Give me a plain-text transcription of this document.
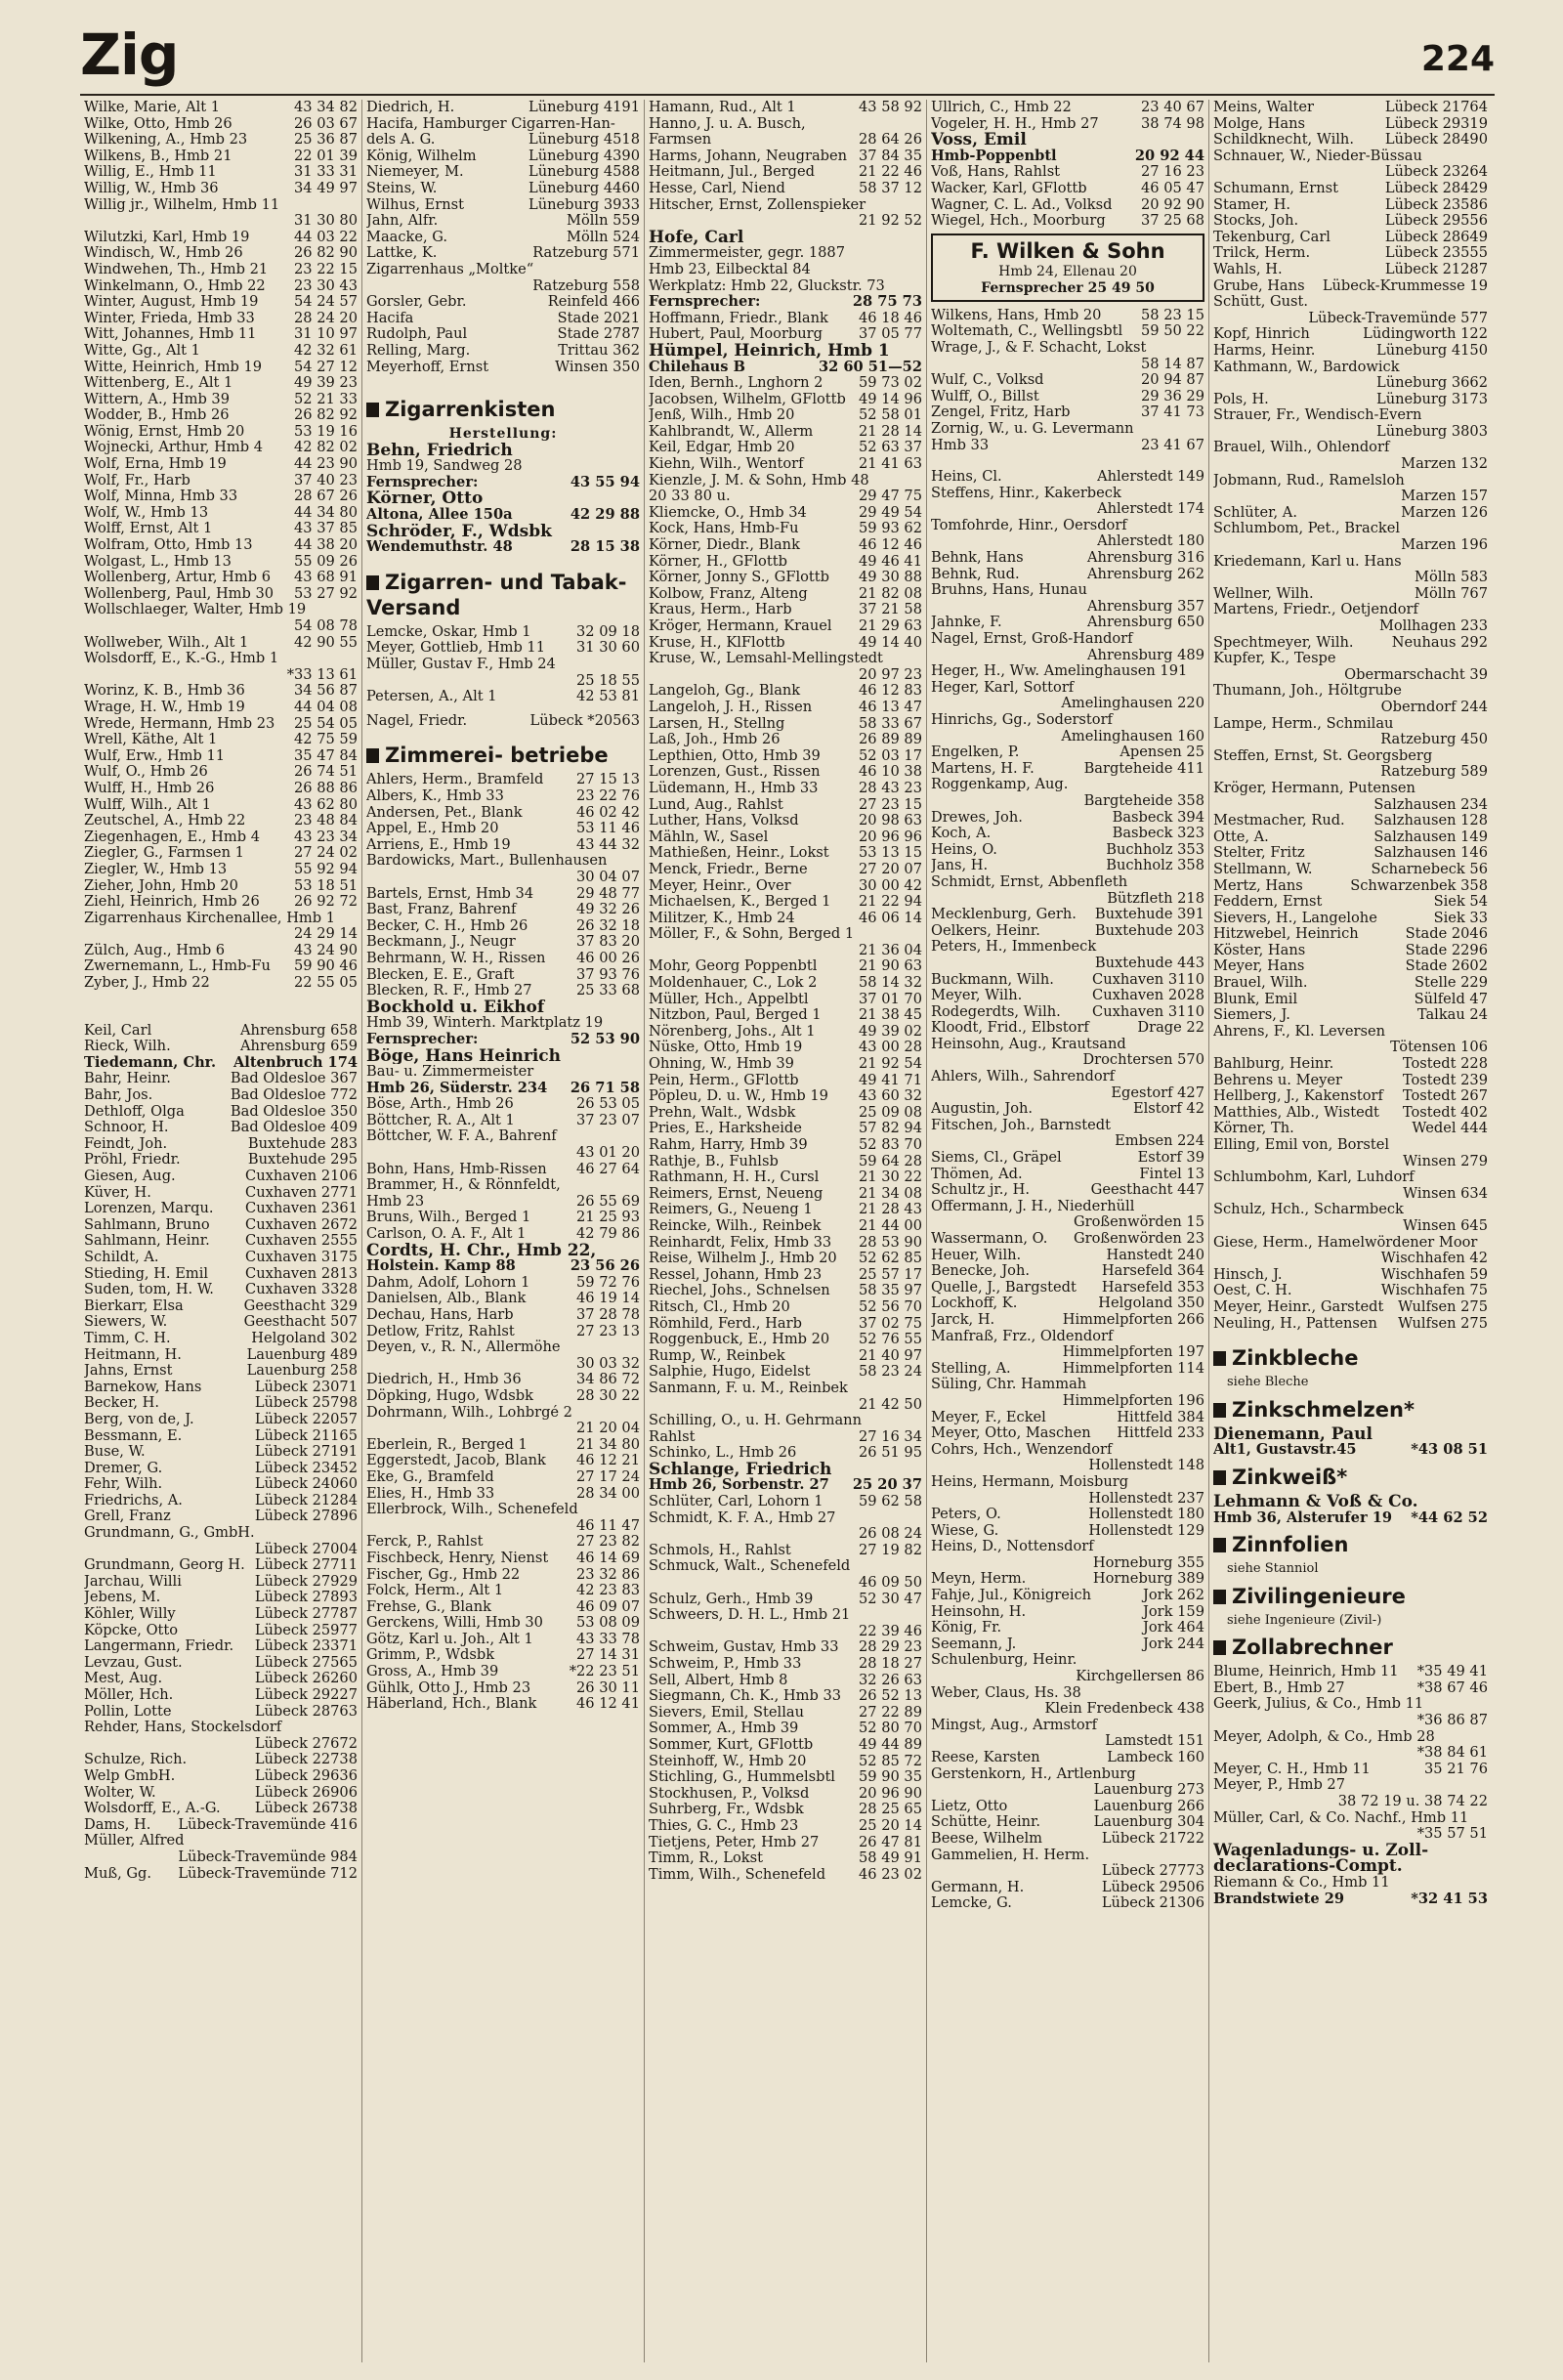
Zig	224
Wilke, Marie, Alt 1	43 34 82
Wilke, Otto, Hmb 26	26 03 67
Wilkening, A., Hmb 23	25 36 87
Wilkens, B., Hmb 21	22 01 39
Willig, E., Hmb 11	31 33 31
Willig, W., Hmb 36	34 49 97
Willig jr., Wilhelm, Hmb 11
31 30 80
Wilutzki, Karl, Hmb 19	44 03 22
Windisch, W., Hmb 26	26 82 90
Windwehen, Th., Hmb 21 23 22 15
Winkelmann, O., Hmb 22 23 30 43
Winter, August, Hmb 19	54 24 57
Winter, Frieda, Hmb 33	28 24 20
Witt, Johannes, Hmb 11	31 10 97
Witte, Gg., Alt 1	42 32 61
Witte, Heinrich, Hmb 19 54 27 12
Wittenberg, E., Alt 1	49 39 23
Wittern, A., Hmb 39	52 21 33
Wodder, B., Hmb 26	26 82 92
Wönig, Ernst, Hmb 20	53 19 16
Wojnecki, Arthur, Hmb 4 42 82 02
Wolf, Erna, Hmb 19	44 23 90
Wolf, Fr., Harb	37 40 23
Wolf, Minna, Hmb 33	28 67 26
Wolf, W., Hmb 13	44 34 80
Wolff, Ernst, Alt 1	43 37 85
Wolfram, Otto, Hmb 13	44 38 20
Wolgast, L., Hmb 13	55 09 26
Wollenberg, Artur, Hmb 6 43 68 91
Wollenberg, Paul, Hmb 30 53 27 92
Wollschlaeger, Walter, Hmb 19
54 08 78
Wollweber, Wilh., Alt 1	42 90 55
Wolsdorff, E., K.-G., Hmb 1
*33 13 61
Worinz, K. B., Hmb 36	34 56 87
Wrage, H. W., Hmb 19	44 04 08
Wrede, Hermann, Hmb 23 25 54 05
Wrell, Käthe, Alt 1	42 75 59
Wulf, Erw., Hmb 11	35 47 84
Wulf, O., Hmb 26	26 74 51
Wulff, H., Hmb 26	26 88 86
Wulff, Wilh., Alt 1	43 62 80
Zeutschel, A., Hmb 22	23 48 84
Ziegenhagen, E., Hmb 4 43 23 34
Ziegler, G., Farmsen 1	27 24 02
Ziegler, W., Hmb 13	55 92 94
Zieher, John, Hmb 20	53 18 51
Ziehl, Heinrich, Hmb 26 26 92 72
Zigarrenhaus Kirchenallee, Hmb 1
24 29 14
Zülch, Aug., Hmb 6	43 24 90
Zwernemann, L., Hmb-Fu 59 90 46
Zyber, J., Hmb 22	22 55 05
Keil, Carl	Ahrensburg 658
Rieck, Wilh.	Ahrensburg 659
Tiedemann, Chr. Altenbruch 174
Bahr, Heinr.	Bad Oldesloe 367
Bahr, Jos.	Bad Oldesloe 772
Dethloff, Olga	Bad Oldesloe 350
Schnoor, H.	Bad Oldesloe 409
Feindt, Joh.	Buxtehude 283
Pröhl, Friedr.	Buxtehude 295
Giesen, Aug.	Cuxhaven 2106
Küver, H.	Cuxhaven 2771
Lorenzen, Marqu. Cuxhaven 2361
Sahlmann, Bruno Cuxhaven 2672
Sahlmann, Heinr. Cuxhaven 2555
Schildt, A.	Cuxhaven 3175
Stieding, H. Emil	Cuxhaven 2813
Suden, tom, H. W. Cuxhaven 3328
Bierkarr, Elsa	Geesthacht 329
Siewers, W.	Geesthacht 507
Timm, C. H.	Helgoland 302
Heitmann, H.	Lauenburg 489
Jahns, Ernst	Lauenburg 258
Barnekow, Hans	Lübeck 23071
Becker, H.	Lübeck 25798
Berg, von de, J.	Lübeck 22057
Bessmann, E.	Lübeck 21165
Buse, W.	Lübeck 27191
Dremer, G.	Lübeck 23452
Fehr, Wilh.	Lübeck 24060
Friedrichs, A.	Lübeck 21284
Grell, Franz	Lübeck 27896
Grundmann, G., GmbH.
Lübeck 27004
Grundmann, Georg H. Lübeck 27711
Jarchau, Willi	Lübeck 27929
Jebens, M.	Lübeck 27893
Köhler, Willy	Lübeck 27787
Köpcke, Otto	Lübeck 25977
Langermann, Friedr. Lübeck 23371
Levzau, Gust.	Lübeck 27565
Mest, Aug.	Lübeck 26260
Möller, Hch.	Lübeck 29227
Pollin, Lotte	Lübeck 28763
Rehder, Hans, Stockelsdorf
Lübeck 27672
Schulze, Rich.	Lübeck 22738
Welp GmbH.	Lübeck 29636
Wolter, W.	Lübeck 26906
Wolsdorff, E., A.-G. Lübeck 26738
Dams, H. Lübeck-Travemünde 416
Müller, Alfred
Lübeck-Travemünde 984
Muß, Gg. Lübeck-Travemünde 712
Diedrich, H.	Lüneburg 4191
Hacifa, Hamburger Cigarren-Han-
dels A. G.	Lüneburg 4518
König, Wilhelm	Lüneburg 4390
Niemeyer, M.	Lüneburg 4588
Steins, W.	Lüneburg 4460
Wilhus, Ernst	Lüneburg 3933
Jahn, Alfr.	Mölln 559
Maacke, G.	Mölln 524
Lattke, K.	Ratzeburg 571
Zigarrenhaus „Moltke“
Ratzeburg 558
Gorsler, Gebr.	Reinfeld 466
Hacifa	Stade 2021
Rudolph, Paul	Stade 2787
Relling, Marg.	Trittau 362
Meyerhoff, Ernst	Winsen 350
Zigarrenkisten
Herstellung:
Behn, Friedrich
Hmb 19, Sandweg 28
Fernsprecher:	43 55 94
Körner, Otto
Altona, Allee 150a	42 29 88
Schröder, F., Wdsbk
Wendemuthstr. 48	28 15 38
Zigarren- und Tabak-Versand
Lemcke, Oskar, Hmb 1	32 09 18
Meyer, Gottlieb, Hmb 11 31 30 60
Müller, Gustav F., Hmb 24
25 18 55
Petersen, A., Alt 1	42 53 81
Nagel, Friedr.	Lübeck *20563
Zimmerei- betriebe
Ahlers, Herm., Bramfeld 27 15 13
Albers, K., Hmb 33	23 22 76
Andersen, Pet., Blank	46 02 42
Appel, E., Hmb 20	53 11 46
Arriens, E., Hmb 19	43 44 32
Bardowicks, Mart., Bullenhausen
30 04 07
Bartels, Ernst, Hmb 34	29 48 77
Bast, Franz, Bahrenf	49 32 26
Becker, C. H., Hmb 26	26 32 18
Beckmann, J., Neugr	37 83 20
Behrmann, W. H., Rissen 46 00 26
Blecken, E. E., Graft	37 93 76
Blecken, R. F., Hmb 27	25 33 68
Bockhold u. Eikhof
Hmb 39, Winterh. Marktplatz 19
Fernsprecher:	52 53 90
Böge, Hans Heinrich
Bau- u. Zimmermeister
Hmb 26, Süderstr. 234 26 71 58
Böse, Arth., Hmb 26	26 53 05
Böttcher, R. A., Alt 1	37 23 07
Böttcher, W. F. A., Bahrenf
43 01 20
Bohn, Hans, Hmb-Rissen 46 27 64
Brammer, H., & Rönnfeldt,
Hmb 23	26 55 69
Bruns, Wilh., Berged 1	21 25 93
Carlson, O. A. F., Alt 1	42 79 86
Cordts, H. Chr., Hmb 22,
Holstein. Kamp 88	23 56 26
Dahm, Adolf, Lohorn 1	59 72 76
Danielsen, Alb., Blank	46 19 14
Dechau, Hans, Harb	37 28 78
Detlow, Fritz, Rahlst	27 23 13
Deyen, v., R. N., Allermöhe
30 03 32
Diedrich, H., Hmb 36	34 86 72
Döpking, Hugo, Wdsbk	28 30 22
Dohrmann, Wilh., Lohbrgé 2
21 20 04
Eberlein, R., Berged 1	21 34 80
Eggerstedt, Jacob, Blank 46 12 21
Eke, G., Bramfeld	27 17 24
Elies, H., Hmb 33	28 34 00
Ellerbrock, Wilh., Schenefeld
46 11 47
Ferck, P., Rahlst	27 23 82
Fischbeck, Henry, Nienst 46 14 69
Fischer, Gg., Hmb 22	23 32 86
Folck, Herm., Alt 1	42 23 83
Frehse, G., Blank	46 09 07
Gerckens, Willi, Hmb 30 53 08 09
Götz, Karl u. Joh., Alt 1	43 33 78
Grimm, P., Wdsbk	27 14 31
Gross, A., Hmb 39	*22 23 51
Gühlk, Otto J., Hmb 23	26 30 11
Häberland, Hch., Blank	46 12 41
Hamann, Rud., Alt 1	43 58 92
Hanno, J. u. A. Busch,
Farmsen	28 64 26
Harms, Johann, Neugraben 37 84 35
Heitmann, Jul., Berged	21 22 46
Hesse, Carl, Niend	58 37 12
Hitscher, Ernst, Zollenspieker
21 92 52
Hofe, Carl
Zimmermeister, gegr. 1887
Hmb 23, Eilbecktal 84
Werkplatz: Hmb 22, Gluckstr. 73
Fernsprecher:	28 75 73
Hoffmann, Friedr., Blank 46 18 46
Hubert, Paul, Moorburg	37 05 77
Hümpel, Heinrich, Hmb 1
Chilehaus B	32 60 51—52
Iden, Bernh., Lnghorn 2	59 73 02
Jacobsen, Wilhelm, GFlottb 49 14 96
Jenß, Wilh., Hmb 20	52 58 01
Kahlbrandt, W., Allerm	21 28 14
Keil, Edgar, Hmb 20	52 63 37
Kiehn, Wilh., Wentorf	21 41 63
Kienzle, J. M. & Sohn, Hmb 48
20 33 80 u.	29 47 75
Kliemcke, O., Hmb 34	29 49 54
Kock, Hans, Hmb-Fu	59 93 62
Körner, Diedr., Blank	46 12 46
Körner, H., GFlottb	49 46 41
Körner, Jonny S., GFlottb 49 30 88
Kolbow, Franz, Alteng	21 82 08
Kraus, Herm., Harb	37 21 58
Kröger, Hermann, Krauel 21 29 63
Kruse, H., KlFlottb	49 14 40
Kruse, W., Lemsahl-Mellingstedt
20 97 23
Langeloh, Gg., Blank	46 12 83
Langeloh, J. H., Rissen	46 13 47
Larsen, H., Stellng	58 33 67
Laß, Joh., Hmb 26	26 89 89
Lepthien, Otto, Hmb 39	52 03 17
Lorenzen, Gust., Rissen	46 10 38
Lüdemann, H., Hmb 33	28 43 23
Lund, Aug., Rahlst	27 23 15
Luther, Hans, Volksd	20 98 63
Mähln, W., Sasel	20 96 96
Mathießen, Heinr., Lokst 53 13 15
Menck, Friedr., Berne	27 20 07
Meyer, Heinr., Over	30 00 42
Michaelsen, K., Berged 1 21 22 94
Militzer, K., Hmb 24	46 06 14
Möller, F., & Sohn, Berged 1
21 36 04
Mohr, Georg Poppenbtl	21 90 63
Moldenhauer, C., Lok 2	58 14 32
Müller, Hch., Appelbtl	37 01 70
Nitzbon, Paul, Berged 1	21 38 45
Nörenberg, Johs., Alt 1	49 39 02
Nüske, Otto, Hmb 19	43 00 28
Ohning, W., Hmb 39	21 92 54
Pein, Herm., GFlottb	49 41 71
Pöpleu, D. u. W., Hmb 19 43 60 32
Prehn, Walt., Wdsbk	25 09 08
Pries, E., Harksheide	57 82 94
Rahm, Harry, Hmb 39	52 83 70
Rathje, B., Fuhlsb	59 64 28
Rathmann, H. H., Cursl	21 30 22
Reimers, Ernst, Neueng	21 34 08
Reimers, G., Neueng 1	21 28 43
Reincke, Wilh., Reinbek	21 44 00
Reinhardt, Felix, Hmb 33 28 53 90
Reise, Wilhelm J., Hmb 20 52 62 85
Ressel, Johann, Hmb 23	25 57 17
Riechel, Johs., Schnelsen 58 35 97
Ritsch, Cl., Hmb 20	52 56 70
Römhild, Ferd., Harb	37 02 75
Roggenbuck, E., Hmb 20 52 76 55
Rump, W., Reinbek	21 40 97
Salphie, Hugo, Eidelst	58 23 24
Sanmann, F. u. M., Reinbek
21 42 50
Schilling, O., u. H. Gehrmann
Rahlst	27 16 34
Schinko, L., Hmb 26	26 51 95
Schlange, Friedrich
Hmb 26, Sorbenstr. 27 25 20 37
Schlüter, Carl, Lohorn 1 59 62 58
Schmidt, K. F. A., Hmb 27
26 08 24
Schmols, H., Rahlst	27 19 82
Schmuck, Walt., Schenefeld
46 09 50
Schulz, Gerh., Hmb 39	52 30 47
Schweers, D. H. L., Hmb 21
22 39 46
Schweim, Gustav, Hmb 33 28 29 23
Schweim, P., Hmb 33	28 18 27
Sell, Albert, Hmb 8	32 26 63
Siegmann, Ch. K., Hmb 33 26 52 13
Sievers, Emil, Stellau	27 22 89
Sommer, A., Hmb 39	52 80 70
Sommer, Kurt, GFlottb	49 44 89
Steinhoff, W., Hmb 20	52 85 72
Stichling, G., Hummelsbtl 59 90 35
Stockhusen, P., Volksd	20 96 90
Suhrberg, Fr., Wdsbk	28 25 65
Thies, G. C., Hmb 23	25 20 14
Tietjens, Peter, Hmb 27	26 47 81
Timm, R., Lokst	58 49 91
Timm, Wilh., Schenefeld 46 23 02
Ullrich, C., Hmb 22	23 40 67
Vogeler, H. H., Hmb 27	38 74 98
Voss, Emil
Hmb-Poppenbtl	20 92 44
Voß, Hans, Rahlst	27 16 23
Wacker, Karl, GFlottb	46 05 47
Wagner, C. L. Ad., Volksd 20 92 90
Wiegel, Hch., Moorburg 37 25 68
F. Wilken & Sohn
Hmb 24, Ellenau 20
Fernsprecher 25 49 50
Wilkens, Hans, Hmb 20	58 23 15
Woltemath, C., Wellingsbtl 59 50 22
Wrage, J., & F. Schacht, Lokst
58 14 87
Wulf, C., Volksd	20 94 87
Wulff, O., Billst	29 36 29
Zengel, Fritz, Harb	37 41 73
Zornig, W., u. G. Levermann
Hmb 33	23 41 67
Heins, Cl.	Ahlerstedt 149
Steffens, Hinr., Kakerbeck
Ahlerstedt 174
Tomfohrde, Hinr., Oersdorf
Ahlerstedt 180
Behnk, Hans	Ahrensburg 316
Behnk, Rud.	Ahrensburg 262
Bruhns, Hans, Hunau
Ahrensburg 357
Jahnke, F.	Ahrensburg 650
Nagel, Ernst, Groß-Handorf
Ahrensburg 489
Heger, H., Ww. Amelinghausen 191
Heger, Karl, Sottorf
Amelinghausen 220
Hinrichs, Gg., Soderstorf
Amelinghausen 160
Engelken, P.	Apensen 25
Martens, H. F.	Bargteheide 411
Roggenkamp, Aug.
Bargteheide 358
Drewes, Joh.	Basbeck 394
Koch, A.	Basbeck 323
Heins, O.	Buchholz 353
Jans, H.	Buchholz 358
Schmidt, Ernst, Abbenfleth
Bützfleth 218
Mecklenburg, Gerh. Buxtehude 391
Oelkers, Heinr.	Buxtehude 203
Peters, H., Immenbeck
Buxtehude 443
Buckmann, Wilh.	Cuxhaven 3110
Meyer, Wilh.	Cuxhaven 2028
Rodegerdts, Wilh. Cuxhaven 3110
Kloodt, Frid., Elbstorf	Drage 22
Heinsohn, Aug., Krautsand
Drochtersen 570
Ahlers, Wilh., Sahrendorf
Egestorf 427
Augustin, Joh.	Elstorf 42
Fitschen, Joh., Barnstedt
Embsen 224
Siems, Cl., Gräpel	Estorf 39
Thömen, Ad.	Fintel 13
Schultz jr., H.	Geesthacht 447
Offermann, J. H., Niederhüll
Großenwörden 15
Wassermann, O. Großenwörden 23
Heuer, Wilh.	Hanstedt 240
Benecke, Joh.	Harsefeld 364
Quelle, J., Bargstedt Harsefeld 353
Lockhoff, K.	Helgoland 350
Jarck, H.	Himmelpforten 266
Manfraß, Frz., Oldendorf
Himmelpforten 197
Stelling, A.	Himmelpforten 114
Süling, Chr. Hammah
Himmelpforten 196
Meyer, F., Eckel	Hittfeld 384
Meyer, Otto, Maschen Hittfeld 233
Cohrs, Hch., Wenzendorf
Hollenstedt 148
Heins, Hermann, Moisburg
Hollenstedt 237
Peters, O.	Hollenstedt 180
Wiese, G.	Hollenstedt 129
Heins, D., Nottensdorf
Horneburg 355
Meyn, Herm.	Horneburg 389
Fahje, Jul., Königreich	Jork 262
Heinsohn, H.	Jork 159
König, Fr.	Jork 464
Seemann, J.	Jork 244
Schulenburg, Heinr.
Kirchgellersen 86
Weber, Claus, Hs. 38
Klein Fredenbeck 438
Mingst, Aug., Armstorf
Lamstedt 151
Reese, Karsten	Lambeck 160
Gerstenkorn, H., Artlenburg
Lauenburg 273
Lietz, Otto	Lauenburg 266
Schütte, Heinr.	Lauenburg 304
Beese, Wilhelm	Lübeck 21722
Gammelien, H. Herm.
Lübeck 27773
Germann, H.	Lübeck 29506
Lemcke, G.	Lübeck 21306
Meins, Walter	Lübeck 21764
Molge, Hans	Lübeck 29319
Schildknecht, Wilh. Lübeck 28490
Schnauer, W., Nieder-Büssau
Lübeck 23264
Schumann, Ernst	Lübeck 28429
Stamer, H.	Lübeck 23586
Stocks, Joh.	Lübeck 29556
Tekenburg, Carl	Lübeck 28649
Trilck, Herm.	Lübeck 23555
Wahls, H.	Lübeck 21287
Grube, Hans Lübeck-Krummesse 19
Schütt, Gust.
Lübeck-Travemünde 577
Kopf, Hinrich	Lüdingworth 122
Harms, Heinr.	Lüneburg 4150
Kathmann, W., Bardowick
Lüneburg 3662
Pols, H.	Lüneburg 3173
Strauer, Fr., Wendisch-Evern
Lüneburg 3803
Brauel, Wilh., Ohlendorf
Marzen 132
Jobmann, Rud., Ramelsloh
Marzen 157
Schlüter, A.	Marzen 126
Schlumbom, Pet., Brackel
Marzen 196
Kriedemann, Karl u. Hans
Mölln 583
Wellner, Wilh.	Mölln 767
Martens, Friedr., Oetjendorf
Mollhagen 233
Spechtmeyer, Wilh.	Neuhaus 292
Kupfer, K., Tespe
Obermarschacht 39
Thumann, Joh., Höltgrube
Oberndorf 244
Lampe, Herm., Schmilau
Ratzeburg 450
Steffen, Ernst, St. Georgsberg
Ratzeburg 589
Kröger, Hermann, Putensen
Salzhausen 234
Mestmacher, Rud. Salzhausen 128
Otte, A.	Salzhausen 149
Stelter, Fritz	Salzhausen 146
Stellmann, W.	Scharnebeck 56
Mertz, Hans	Schwarzenbek 358
Feddern, Ernst	Siek 54
Sievers, H., Langelohe	Siek 33
Hitzwebel, Heinrich	Stade 2046
Köster, Hans	Stade 2296
Meyer, Hans	Stade 2602
Brauel, Wilh.	Stelle 229
Blunk, Emil	Sülfeld 47
Siemers, J.	Talkau 24
Ahrens, F., Kl. Leversen
Tötensen 106
Bahlburg, Heinr.	Tostedt 228
Behrens u. Meyer	Tostedt 239
Hellberg, J., Kakenstorf Tostedt 267
Matthies, Alb., Wistedt Tostedt 402
Körner, Th.	Wedel 444
Elling, Emil von, Borstel
Winsen 279
Schlumbohm, Karl, Luhdorf
Winsen 634
Schulz, Hch., Scharmbeck
Winsen 645
Giese, Herm., Hamelwördener Moor
Wischhafen 42
Hinsch, J.	Wischhafen 59
Oest, C. H.	Wischhafen 75
Meyer, Heinr., Garstedt Wulfsen 275
Neuling, H., Pattensen Wulfsen 275
Zinkbleche
siehe Bleche
Zinkschmelzen*
Dienemann, Paul
Alt1, Gustavstr.45	*43 08 51
Zinkweiß*
Lehmann & Voß & Co.
Hmb 36, Alsterufer 19 *44 62 52
Zinnfolien
siehe Stanniol
Zivilingenieure
siehe Ingenieure (Zivil-)
Zollabrechner
Blume, Heinrich, Hmb 11 *35 49 41
Ebert, B., Hmb 27	*38 67 46
Geerk, Julius, & Co., Hmb 11
*36 86 87
Meyer, Adolph, & Co., Hmb 28
*38 84 61
Meyer, C. H., Hmb 11	35 21 76
Meyer, P., Hmb 27
38 72 19 u. 38 74 22
Müller, Carl, & Co. Nachf., Hmb 11
*35 57 51
Wagenladungs- u. Zoll-
declarations-Compt.
Riemann & Co., Hmb 11
Brandstwiete 29	*32 41 53
